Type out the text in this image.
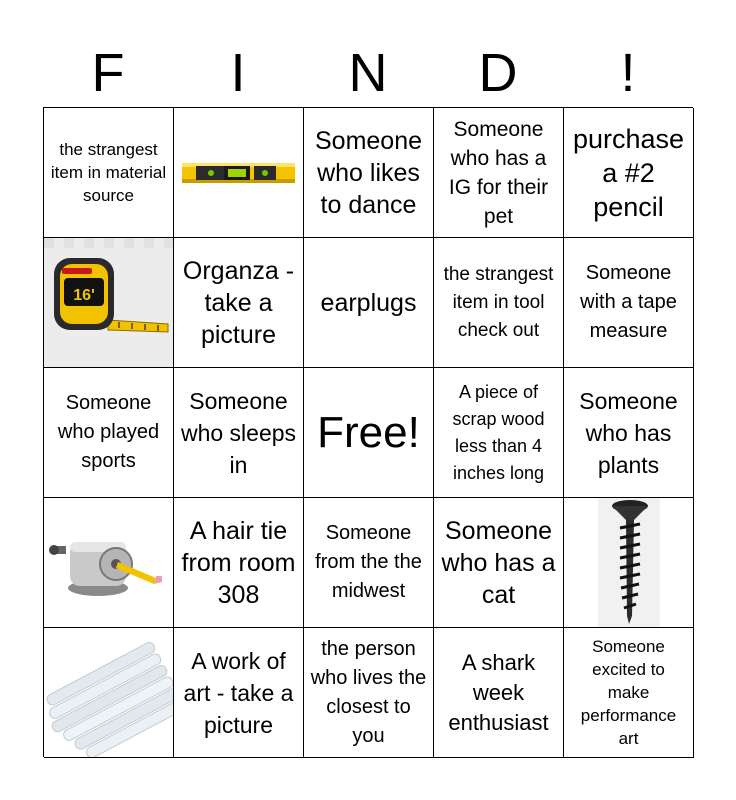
F	I	N	D	!
the strangest item in material source
Someone who likes to dance
Someone who has a IG for their pet
purchase a #2 pencil
16'
Organza - take a picture
earplugs
the strangest item in tool check out
Someone with a tape measure
Someone who played sports
Someone who sleeps in
Free!
A piece of scrap wood less than 4 inches long
Someone who has plants
A hair tie from room 308
Someone from the the midwest
Someone who has a cat
A work of art - take a picture
the person who lives the closest to you
A shark week enthusiast
Someone excited to make performance art
